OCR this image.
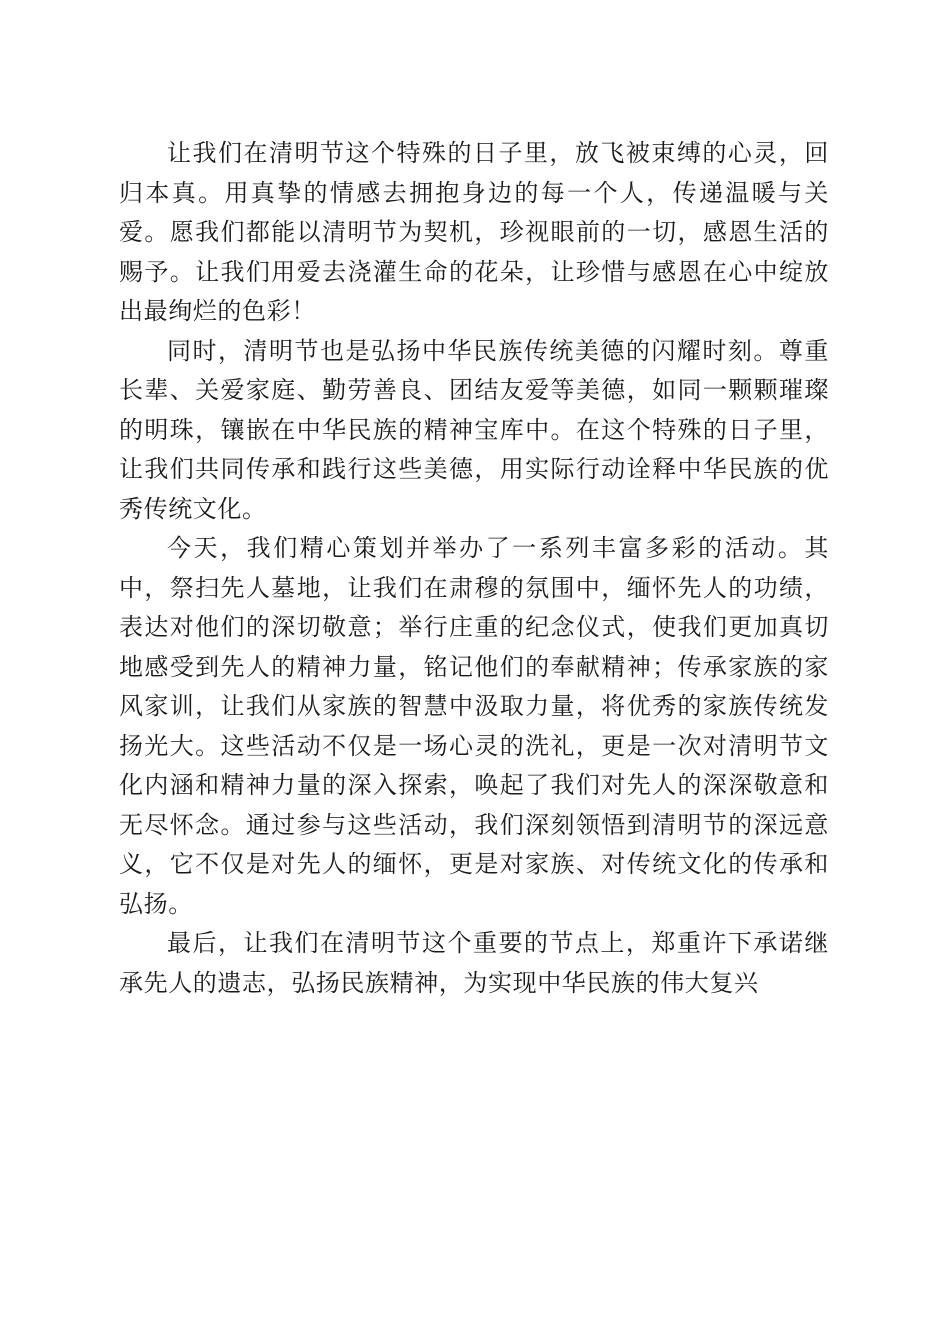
让我们在清明节这个特殊的日子里，放飞被束缚的心灵，回归本真。用真挚的情感去拥抱身边的每一个人，传递温暖与关爱。愿我们都能以清明节为契机，珍视眼前的一切，感恩生活的赐予。让我们用爱去浇灌生命的花朵，让珍惜与感恩在心中绽放出最绚烂的色彩！

同时，清明节也是弘扬中华民族传统美德的闪耀时刻。尊重长辈、关爱家庭、勤劳善良、团结友爱等美德，如同一颗颗璀璨的明珠，镶嵌在中华民族的精神宝库中。在这个特殊的日子里，让我们共同传承和践行这些美德，用实际行动诠释中华民族的优秀传统文化。

今天，我们精心策划并举办了一系列丰富多彩的活动。其中，祭扫先人墓地，让我们在肃穆的氛围中，缅怀先人的功绩，表达对他们的深切敬意；举行庄重的纪念仪式，使我们更加真切地感受到先人的精神力量，铭记他们的奉献精神；传承家族的家风家训，让我们从家族的智慧中汲取力量，将优秀的家族传统发扬光大。这些活动不仅是一场心灵的洗礼，更是一次对清明节文化内涵和精神力量的深入探索，唤起了我们对先人的深深敬意和无尽怀念。通过参与这些活动，我们深刻领悟到清明节的深远意义，它不仅是对先人的缅怀，更是对家族、对传统文化的传承和弘扬。

最后，让我们在清明节这个重要的节点上，郑重许下承诺继承先人的遗志，弘扬民族精神，为实现中华民族的伟大复兴
